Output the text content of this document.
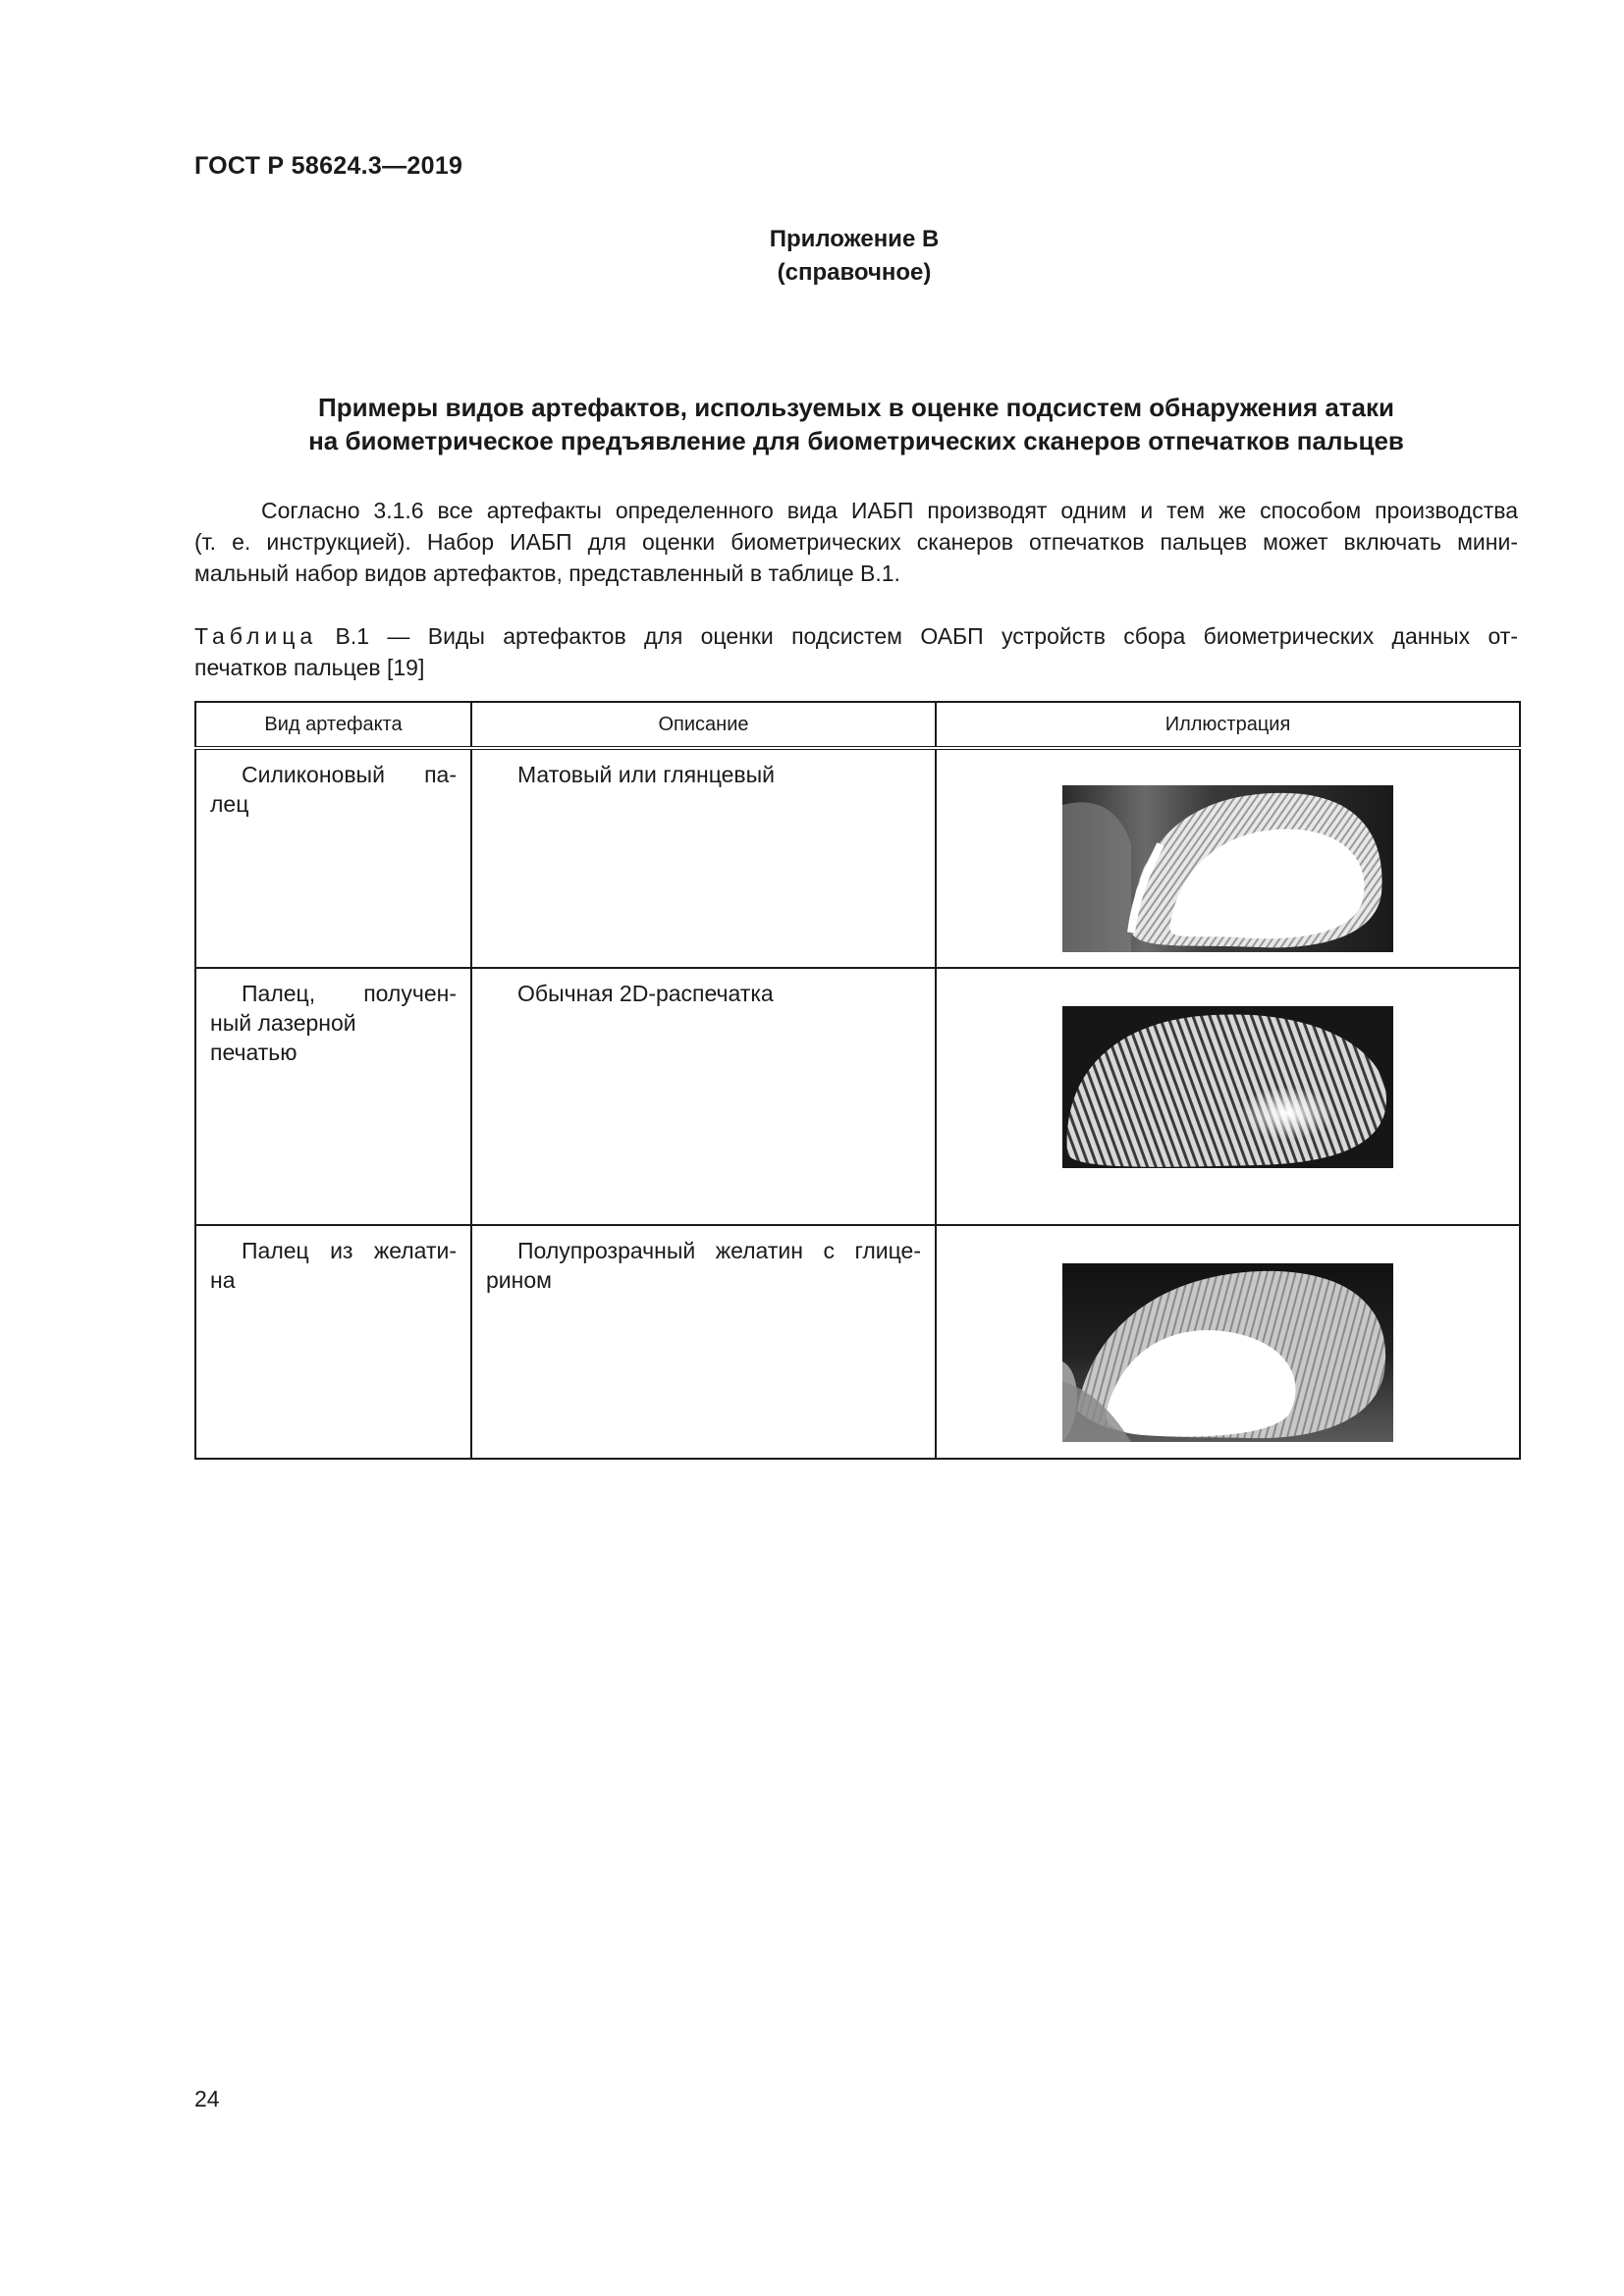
ГОСТ Р 58624.3—2019
Приложение В
(справочное)
Примеры видов артефактов, используемых в оценке подсистем обнаружения атаки
на биометрическое предъявление для биометрических сканеров отпечатков пальцев
Согласно 3.1.6 все артефакты определенного вида ИАБП производят одним и тем же способом производства
(т. е. инструкцией). Набор ИАБП для оценки биометрических сканеров отпечатков пальцев может включать мини-
мальный набор видов артефактов, представленный в таблице В.1.
Таблица В.1 — Виды артефактов для оценки подсистем ОАБП устройств сбора биометрических данных от-
печатков пальцев [19]
Вид артефакта	Описание	Иллюстрация

Силиконовый па-
лец	Матовый или глянцевый

Палец, получен-
ный лазерной
печатью	Обычная 2D-распечатка

Палец из желати-
на	Полупрозрачный желатин с глице-
рином

24
